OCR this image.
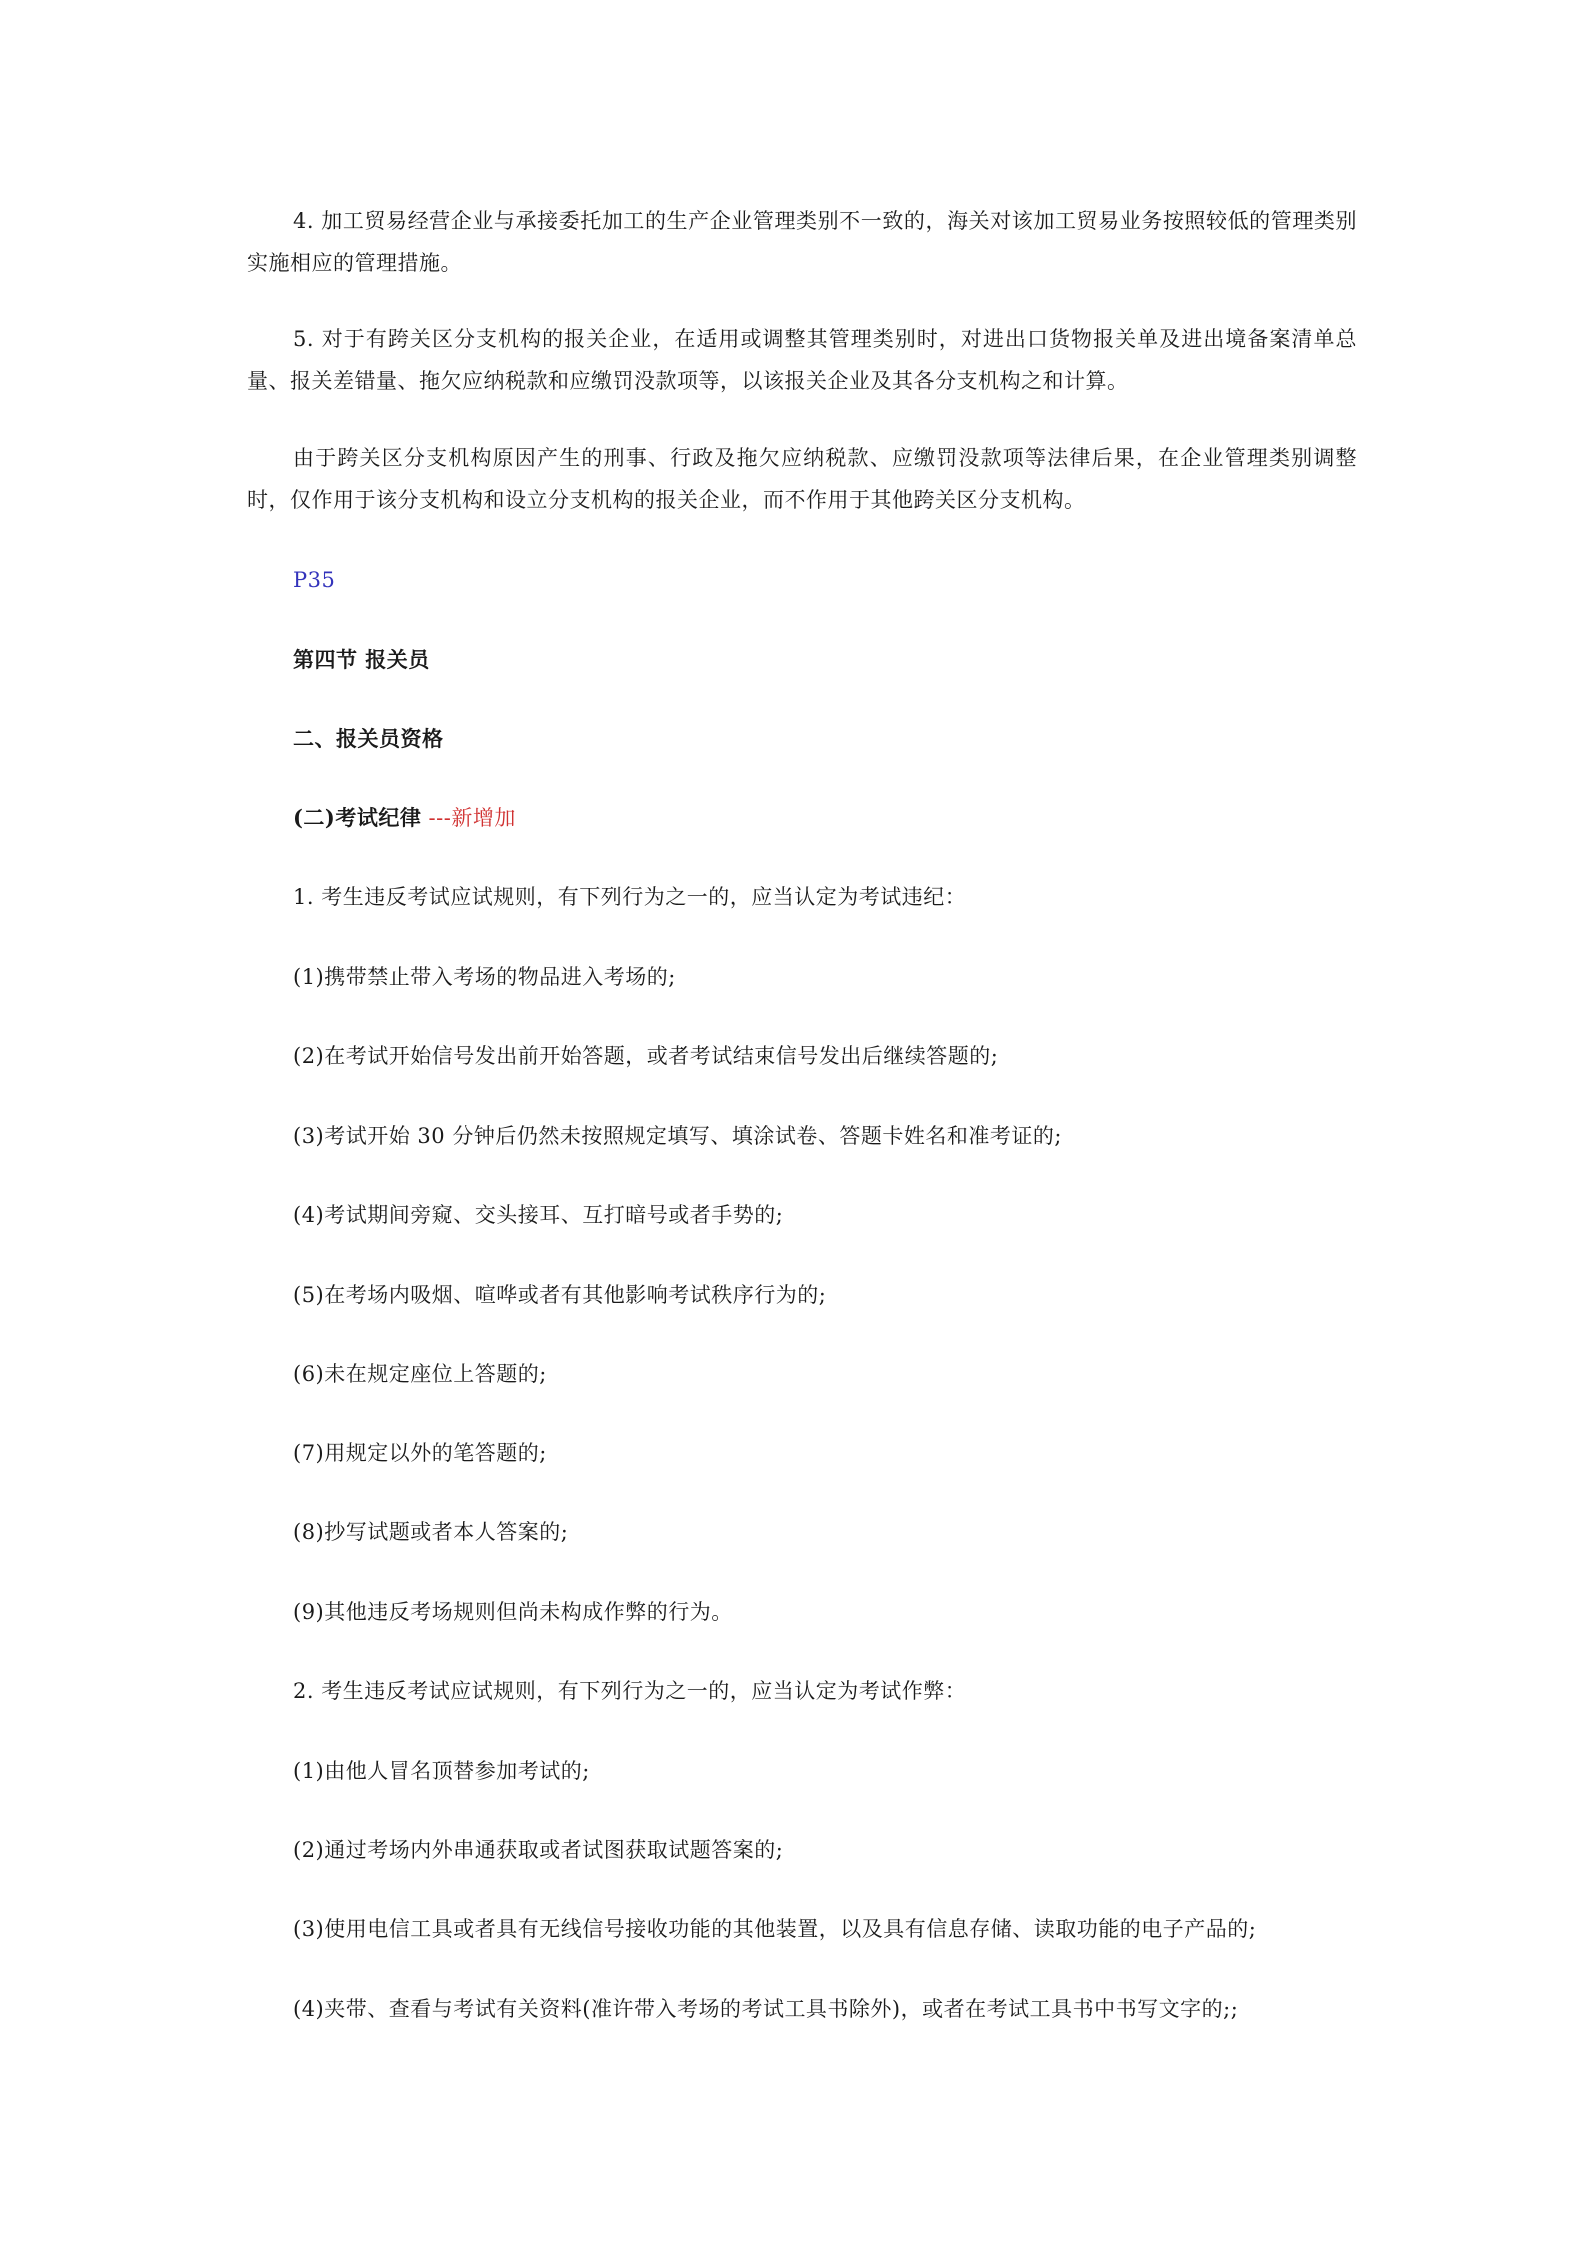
4. 加工贸易经营企业与承接委托加工的生产企业管理类别不一致的，海关对该加工贸易业务按照较低的管理类别实施相应的管理措施。

5. 对于有跨关区分支机构的报关企业，在适用或调整其管理类别时，对进出口货物报关单及进出境备案清单总量、报关差错量、拖欠应纳税款和应缴罚没款项等，以该报关企业及其各分支机构之和计算。

由于跨关区分支机构原因产生的刑事、行政及拖欠应纳税款、应缴罚没款项等法律后果，在企业管理类别调整时，仅作用于该分支机构和设立分支机构的报关企业，而不作用于其他跨关区分支机构。

P35

第四节 报关员

二、报关员资格

(二)考试纪律 ---新增加

1. 考生违反考试应试规则，有下列行为之一的，应当认定为考试违纪：

(1)携带禁止带入考场的物品进入考场的;

(2)在考试开始信号发出前开始答题，或者考试结束信号发出后继续答题的;

(3)考试开始 30 分钟后仍然未按照规定填写、填涂试卷、答题卡姓名和准考证的;

(4)考试期间旁窥、交头接耳、互打暗号或者手势的;

(5)在考场内吸烟、喧哗或者有其他影响考试秩序行为的;

(6)未在规定座位上答题的;

(7)用规定以外的笔答题的;

(8)抄写试题或者本人答案的;

(9)其他违反考场规则但尚未构成作弊的行为。

2. 考生违反考试应试规则，有下列行为之一的，应当认定为考试作弊：

(1)由他人冒名顶替参加考试的;

(2)通过考场内外串通获取或者试图获取试题答案的;

(3)使用电信工具或者具有无线信号接收功能的其他装置，以及具有信息存储、读取功能的电子产品的;

(4)夹带、查看与考试有关资料(准许带入考场的考试工具书除外)，或者在考试工具书中书写文字的;;
